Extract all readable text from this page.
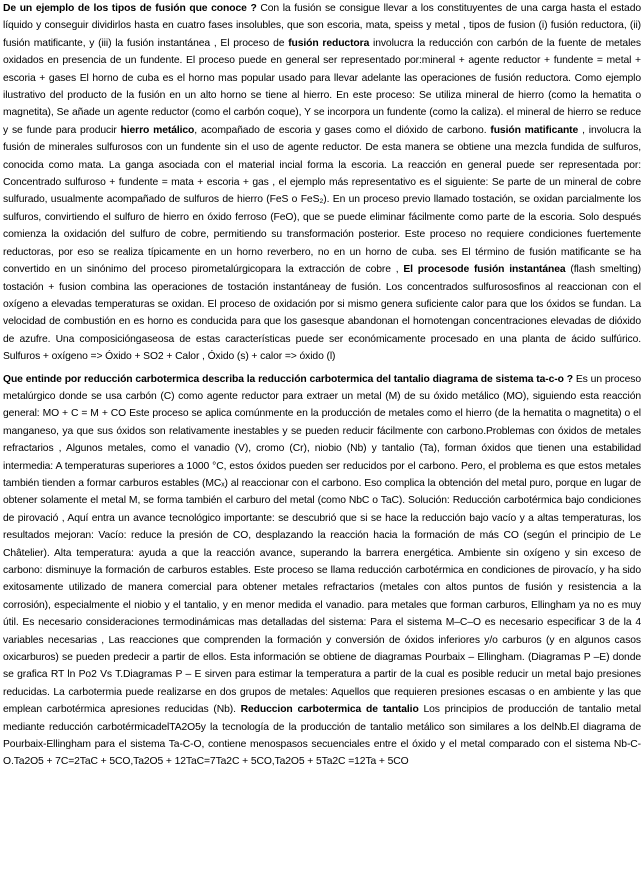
De un ejemplo de los tipos de fusión que conoce ? Con la fusión se consigue llevar a los constituyentes de una carga hasta el estado líquido y conseguir dividirlos hasta en cuatro fases insolubles, que son escoria, mata, speiss y metal , tipos de fusion (i) fusión reductora, (ii) fusión matificante, y (iii) la fusión instantánea , El proceso de fusión reductora involucra la reducción con carbón de la fuente de metales oxidados en presencia de un fundente. El proceso puede en general ser representado por:mineral + agente reductor + fundente = metal + escoria + gases El horno de cuba es el horno mas popular usado para llevar adelante las operaciones de fusión reductora. Como ejemplo ilustrativo del producto de la fusión en un alto horno se tiene al hierro. En este proceso: Se utiliza mineral de hierro (como la hematita o magnetita), Se añade un agente reductor (como el carbón coque), Y se incorpora un fundente (como la caliza). el mineral de hierro se reduce y se funde para producir hierro metálico, acompañado de escoria y gases como el dióxido de carbono. fusión matificante , involucra la fusión de minerales sulfurosos con un fundente sin el uso de agente reductor. De esta manera se obtiene una mezcla fundida de sulfuros, conocida como mata. La ganga asociada con el material incial forma la escoria. La reacción en general puede ser representada por: Concentrado sulfuroso + fundente = mata + escoria + gas , el ejemplo más representativo es el siguiente: Se parte de un mineral de cobre sulfurado, usualmente acompañado de sulfuros de hierro (FeS o FeS₂). En un proceso previo llamado tostación, se oxidan parcialmente los sulfuros, convirtiendo el sulfuro de hierro en óxido ferroso (FeO), que se puede eliminar fácilmente como parte de la escoria. Solo después comienza la oxidación del sulfuro de cobre, permitiendo su transformación posterior. Este proceso no requiere condiciones fuertemente reductoras, por eso se realiza típicamente en un horno reverbero, no en un horno de cuba. ses El término de fusión matificante se ha convertido en un sinónimo del proceso pirometalúrgicopara la extracción de cobre , El procesode fusión instantánea (flash smelting) tostación + fusion combina las operaciones de tostación instantáneay de fusión. Los concentrados sulfurososfinos al reaccionan con el oxígeno a elevadas temperaturas se oxidan. El proceso de oxidación por si mismo genera suficiente calor para que los óxidos se fundan. La velocidad de combustión en es horno es conducida para que los gasesque abandonan el hornotengan concentraciones elevadas de dióxido de azufre. Una composicióngaseosa de estas características puede ser económicamente procesado en una planta de ácido sulfúrico. Sulfuros + oxígeno => Óxido + SO2 + Calor , Óxido (s) + calor => óxido (l)

Que entinde por reducción carbotermica describa la reducción carbotermica del tantalio diagrama de sistema ta-c-o ? Es un proceso metalúrgico donde se usa carbón (C) como agente reductor para extraer un metal (M) de su óxido metálico (MO), siguiendo esta reacción general: MO + C = M + CO Este proceso se aplica comúnmente en la producción de metales como el hierro (de la hematita o magnetita) o el manganeso, ya que sus óxidos son relativamente inestables y se pueden reducir fácilmente con carbono.Problemas con óxidos de metales refractarios , Algunos metales, como el vanadio (V), cromo (Cr), niobio (Nb) y tantalio (Ta), forman óxidos que tienen una estabilidad intermedia: A temperaturas superiores a 1000 °C, estos óxidos pueden ser reducidos por el carbono. Pero, el problema es que estos metales también tienden a formar carburos estables (MCₓ) al reaccionar con el carbono. Eso complica la obtención del metal puro, porque en lugar de obtener solamente el metal M, se forma también el carburo del metal (como NbC o TaC). Solución: Reducción carbotérmica bajo condiciones de pirovació , Aquí entra un avance tecnológico importante: se descubrió que si se hace la reducción bajo vacío y a altas temperaturas, los resultados mejoran: Vacío: reduce la presión de CO, desplazando la reacción hacia la formación de más CO (según el principio de Le Châtelier). Alta temperatura: ayuda a que la reacción avance, superando la barrera energética. Ambiente sin oxígeno y sin exceso de carbono: disminuye la formación de carburos estables. Este proceso se llama reducción carbotérmica en condiciones de pirovacío, y ha sido exitosamente utilizado de manera comercial para obtener metales refractarios (metales con altos puntos de fusión y resistencia a la corrosión), especialmente el niobio y el tantalio, y en menor medida el vanadio. para metales que forman carburos, Ellingham ya no es muy útil. Es necesario consideraciones termodinámicas mas detalladas del sistema: Para el sistema M–C–O es necesario especificar 3 de la 4 variables necesarias , Las reacciones que comprenden la formación y conversión de óxidos inferiores y/o carburos (y en algunos casos oxicarburos) se pueden predecir a partir de ellos. Esta información se obtiene de diagramas Pourbaix – Ellingham. (Diagramas P –E) donde se grafica RT ln Po2 Vs T.Diagramas P – E sirven para estimar la temperatura a partir de la cual es posible reducir un metal bajo presiones reducidas. La carbotermia puede realizarse en dos grupos de metales: Aquellos que requieren presiones escasas o en ambiente y las que emplean carbotérmica apresiones reducidas (Nb). Reduccion carbotermica de tantalio Los principios de producción de tantalio metal mediante reducción carbotérmicadelTA2O5y la tecnología de la producción de tantalio metálico son similares a los delNb.El diagrama de Pourbaix-Ellingham para el sistema Ta-C-O, contiene menospasos secuenciales entre el óxido y el metal comparado con el sistema Nb-C-O.Ta2O5 + 7C=2TaC + 5CO,Ta2O5 + 12TaC=7Ta2C + 5CO,Ta2O5 + 5Ta2C =12Ta + 5CO
